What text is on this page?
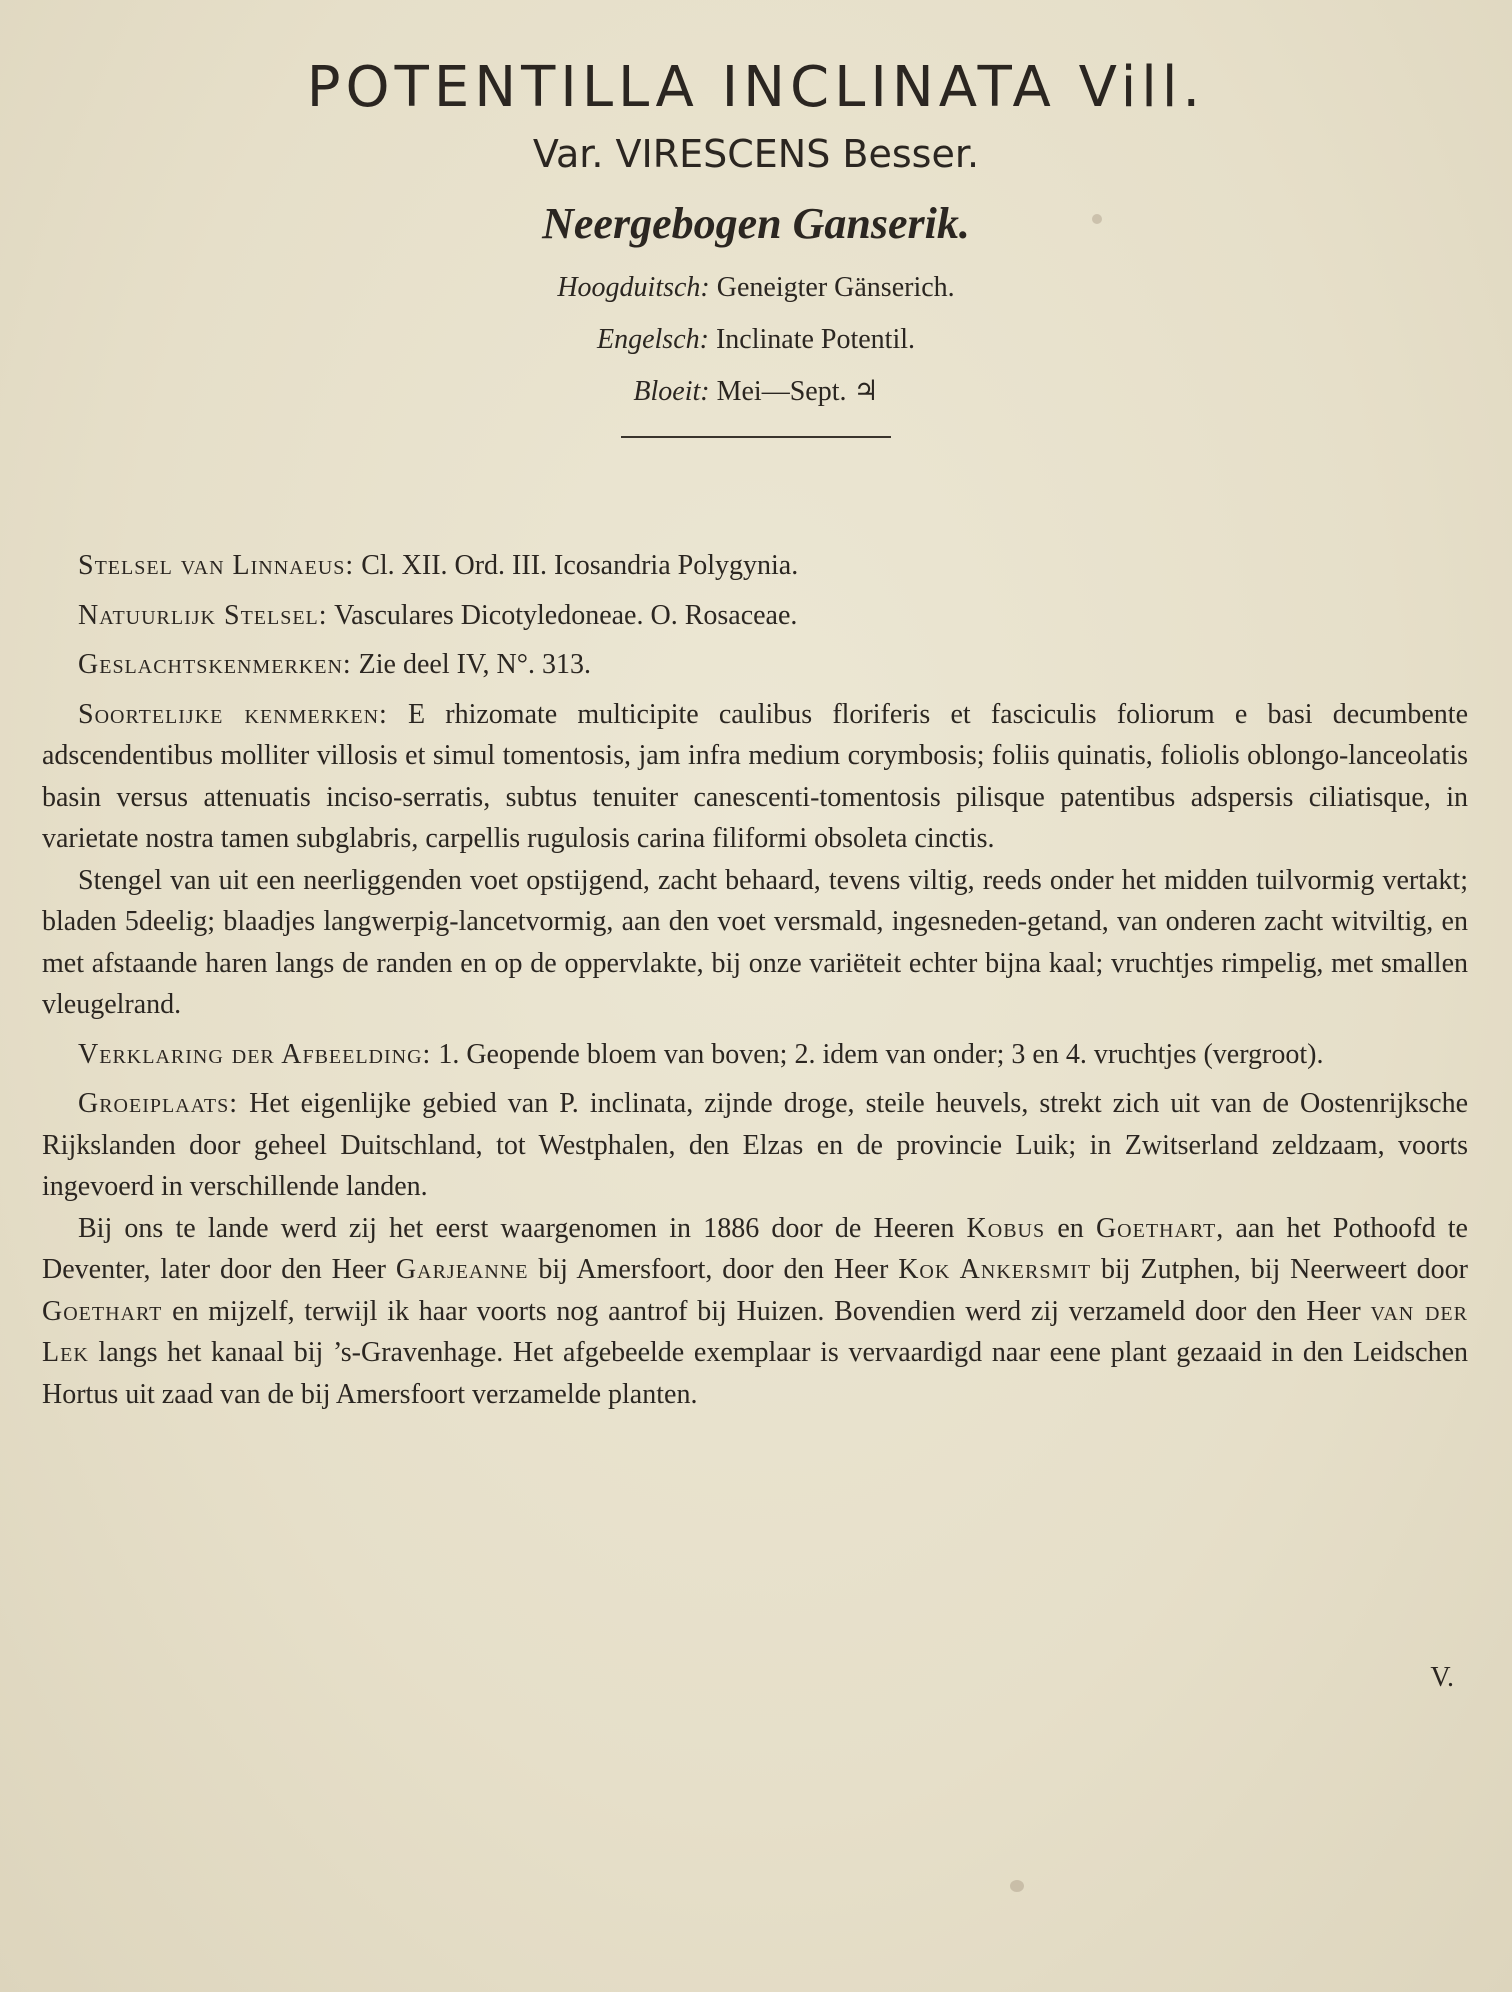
POTENTILLA INCLINATA Vill.
Var. VIRESCENS Besser.
Neergebogen Ganserik.
Hoogduitsch: Geneigter Gänserich.
Engelsch: Inclinate Potentil.
Bloeit: Mei—Sept. ♃

Stelsel van Linnaeus: Cl. XII. Ord. III. Icosandria Polygynia.

Natuurlijk Stelsel: Vasculares Dicotyledoneae. O. Rosaceae.

Geslachtskenmerken: Zie deel IV, N°. 313.

Soortelijke kenmerken: E rhizomate multicipite caulibus floriferis et fasciculis foliorum e basi decumbente adscendentibus molliter villosis et simul tomentosis, jam infra medium corymbosis; foliis quinatis, foliolis oblongo-lanceolatis basin versus attenuatis inciso-serratis, subtus tenuiter canescenti-tomentosis pilisque patentibus adspersis ciliatisque, in varietate nostra tamen subglabris, carpellis rugulosis carina filiformi obsoleta cinctis.

Stengel van uit een neerliggenden voet opstijgend, zacht behaard, tevens viltig, reeds onder het midden tuilvormig vertakt; bladen 5deelig; blaadjes langwerpig-lancetvormig, aan den voet versmald, ingesneden-getand, van onderen zacht witviltig, en met afstaande haren langs de randen en op de oppervlakte, bij onze variëteit echter bijna kaal; vruchtjes rimpelig, met smallen vleugelrand.

Verklaring der Afbeelding: 1. Geopende bloem van boven; 2. idem van onder; 3 en 4. vruchtjes (vergroot).

Groeiplaats: Het eigenlijke gebied van P. inclinata, zijnde droge, steile heuvels, strekt zich uit van de Oostenrijksche Rijkslanden door geheel Duitschland, tot Westphalen, den Elzas en de provincie Luik; in Zwitserland zeldzaam, voorts ingevoerd in verschillende landen.

Bij ons te lande werd zij het eerst waargenomen in 1886 door de Heeren Kobus en Goethart, aan het Pothoofd te Deventer, later door den Heer Garjeanne bij Amersfoort, door den Heer Kok Ankersmit bij Zutphen, bij Neerweert door Goethart en mijzelf, terwijl ik haar voorts nog aantrof bij Huizen. Bovendien werd zij verzameld door den Heer van der Lek langs het kanaal bij ’s-Gravenhage. Het afgebeelde exemplaar is vervaardigd naar eene plant gezaaid in den Leidschen Hortus uit zaad van de bij Amersfoort verzamelde planten.

V.
